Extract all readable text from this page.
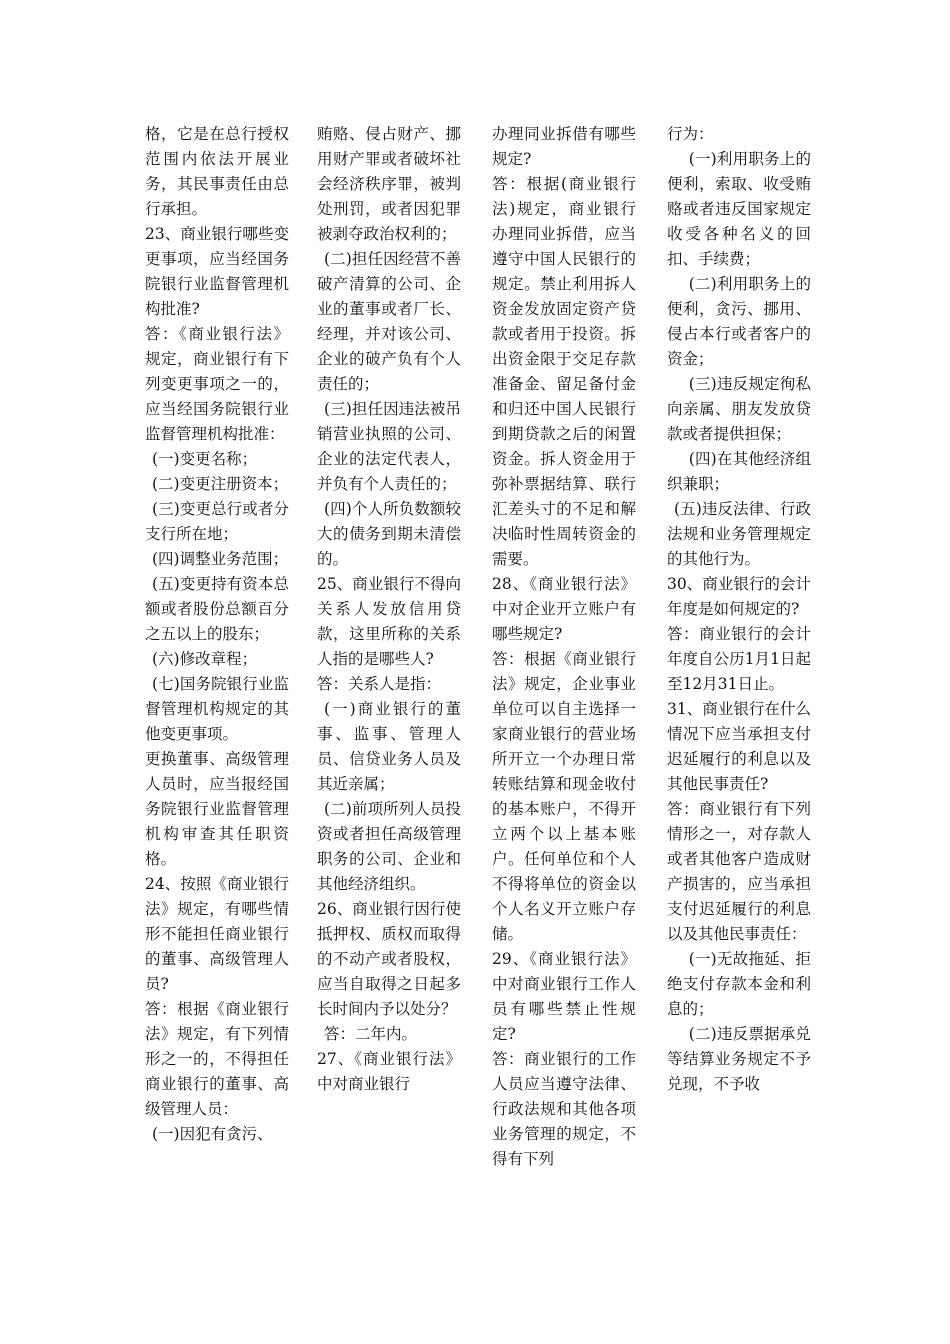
格，它是在总行授权范围内依法开展业务，其民事责任由总行承担。

23、商业银行哪些变更事项，应当经国务院银行业监督管理机构批准?

答：《商业银行法》规定，商业银行有下列变更事项之一的，应当经国务院银行业监督管理机构批准：

(一)变更名称；

(二)变更注册资本；

(三)变更总行或者分支行所在地；

(四)调整业务范围；

(五)变更持有资本总额或者股份总额百分之五以上的股东；

(六)修改章程；

(七)国务院银行业监督管理机构规定的其他变更事项。

更换董事、高级管理人员时，应当报经国务院银行业监督管理机构审查其任职资格。

24、按照《商业银行法》规定，有哪些情形不能担任商业银行的董事、高级管理人员?

答：根据《商业银行法》规定，有下列情形之一的，不得担任商业银行的董事、高级管理人员：

(一)因犯有贪污、

贿赂、侵占财产、挪用财产罪或者破坏社会经济秩序罪，被判处刑罚，或者因犯罪被剥夺政治权利的；

(二)担任因经营不善破产清算的公司、企业的董事或者厂长、经理，并对该公司、企业的破产负有个人责任的；

(三)担任因违法被吊销营业执照的公司、企业的法定代表人，并负有个人责任的；

(四)个人所负数额较大的债务到期未清偿的。

25、商业银行不得向关系人发放信用贷款，这里所称的关系人指的是哪些人?

答：关系人是指：

(一)商业银行的董事、监事、管理人员、信贷业务人员及其近亲属；

(二)前项所列人员投资或者担任高级管理职务的公司、企业和其他经济组织。

26、商业银行因行使抵押权、质权而取得的不动产或者股权，应当自取得之日起多长时间内予以处分？

答：二年内。

27、《商业银行法》中对商业银行

办理同业拆借有哪些规定?

答：根据(商业银行法)规定，商业银行办理同业拆借，应当遵守中国人民银行的规定。禁止利用拆人资金发放固定资产贷款或者用于投资。拆出资金限于交足存款准备金、留足备付金和归还中国人民银行到期贷款之后的闲置资金。拆人资金用于弥补票据结算、联行汇差头寸的不足和解决临时性周转资金的需要。

28、《商业银行法》中对企业开立账户有哪些规定?

答：根据《商业银行法》规定，企业事业单位可以自主选择一家商业银行的营业场所开立一个办理日常转账结算和现金收付的基本账户，不得开立两个以上基本账户。任何单位和个人不得将单位的资金以个人名义开立账户存储。

29、《商业银行法》中对商业银行工作人员有哪些禁止性规定?

答：商业银行的工作人员应当遵守法律、行政法规和其他各项业务管理的规定，不得有下列

行为：

(一)利用职务上的便利，索取、收受贿赂或者违反国家规定收受各种名义的回扣、手续费；

(二)利用职务上的便利，贪污、挪用、侵占本行或者客户的资金；

(三)违反规定徇私向亲属、朋友发放贷款或者提供担保；

(四)在其他经济组织兼职；

(五)违反法律、行政法规和业务管理规定的其他行为。

30、商业银行的会计年度是如何规定的?

答：商业银行的会计年度自公历1月1日起至12月31日止。

31、商业银行在什么情况下应当承担支付迟延履行的利息以及其他民事责任?

答：商业银行有下列情形之一，对存款人或者其他客户造成财产损害的，应当承担支付迟延履行的利息以及其他民事责任：

(一)无故拖延、拒绝支付存款本金和利息的；

(二)违反票据承兑等结算业务规定不予兑现，不予收
